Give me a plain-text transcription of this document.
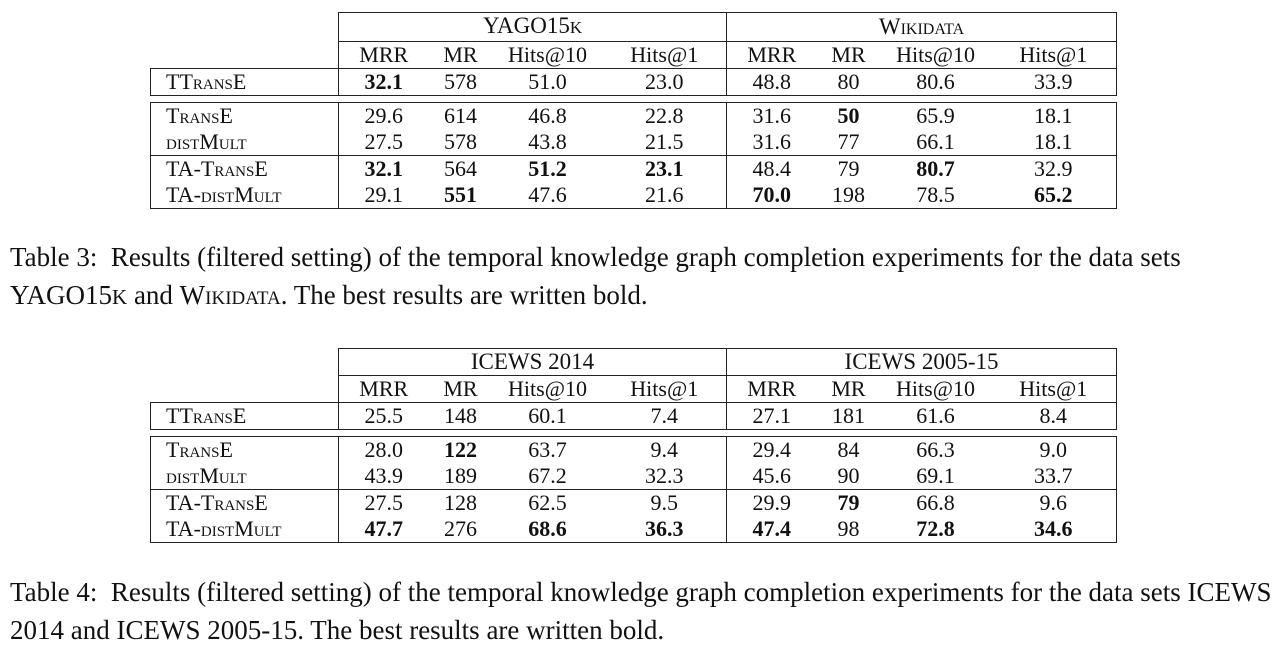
	YAGO15K				Wikidata			
	MRR	MR	Hits@10	Hits@1	MRR	MR	Hits@10	Hits@1
TTransE	32.1	578	51.0	23.0	48.8	80	80.6	33.9

TransE	29.6	614	46.8	22.8	31.6	50	65.9	18.1
distMult	27.5	578	43.8	21.5	31.6	77	66.1	18.1
TA-TransE	32.1	564	51.2	23.1	48.4	79	80.7	32.9
TA-distMult	29.1	551	47.6	21.6	70.0	198	78.5	65.2
Table 3:  Results (filtered setting) of the temporal knowledge graph completion experiments for the data sets YAGO15K and Wikidata. The best results are written bold.
	ICEWS 2014				ICEWS 2005-15			
	MRR	MR	Hits@10	Hits@1	MRR	MR	Hits@10	Hits@1
TTransE	25.5	148	60.1	7.4	27.1	181	61.6	8.4

TransE	28.0	122	63.7	9.4	29.4	84	66.3	9.0
distMult	43.9	189	67.2	32.3	45.6	90	69.1	33.7
TA-TransE	27.5	128	62.5	9.5	29.9	79	66.8	9.6
TA-distMult	47.7	276	68.6	36.3	47.4	98	72.8	34.6
Table 4: Results (filtered setting) of the temporal knowledge graph completion experiments for the data sets ICEWS 2014 and ICEWS 2005-15. The best results are written bold.
